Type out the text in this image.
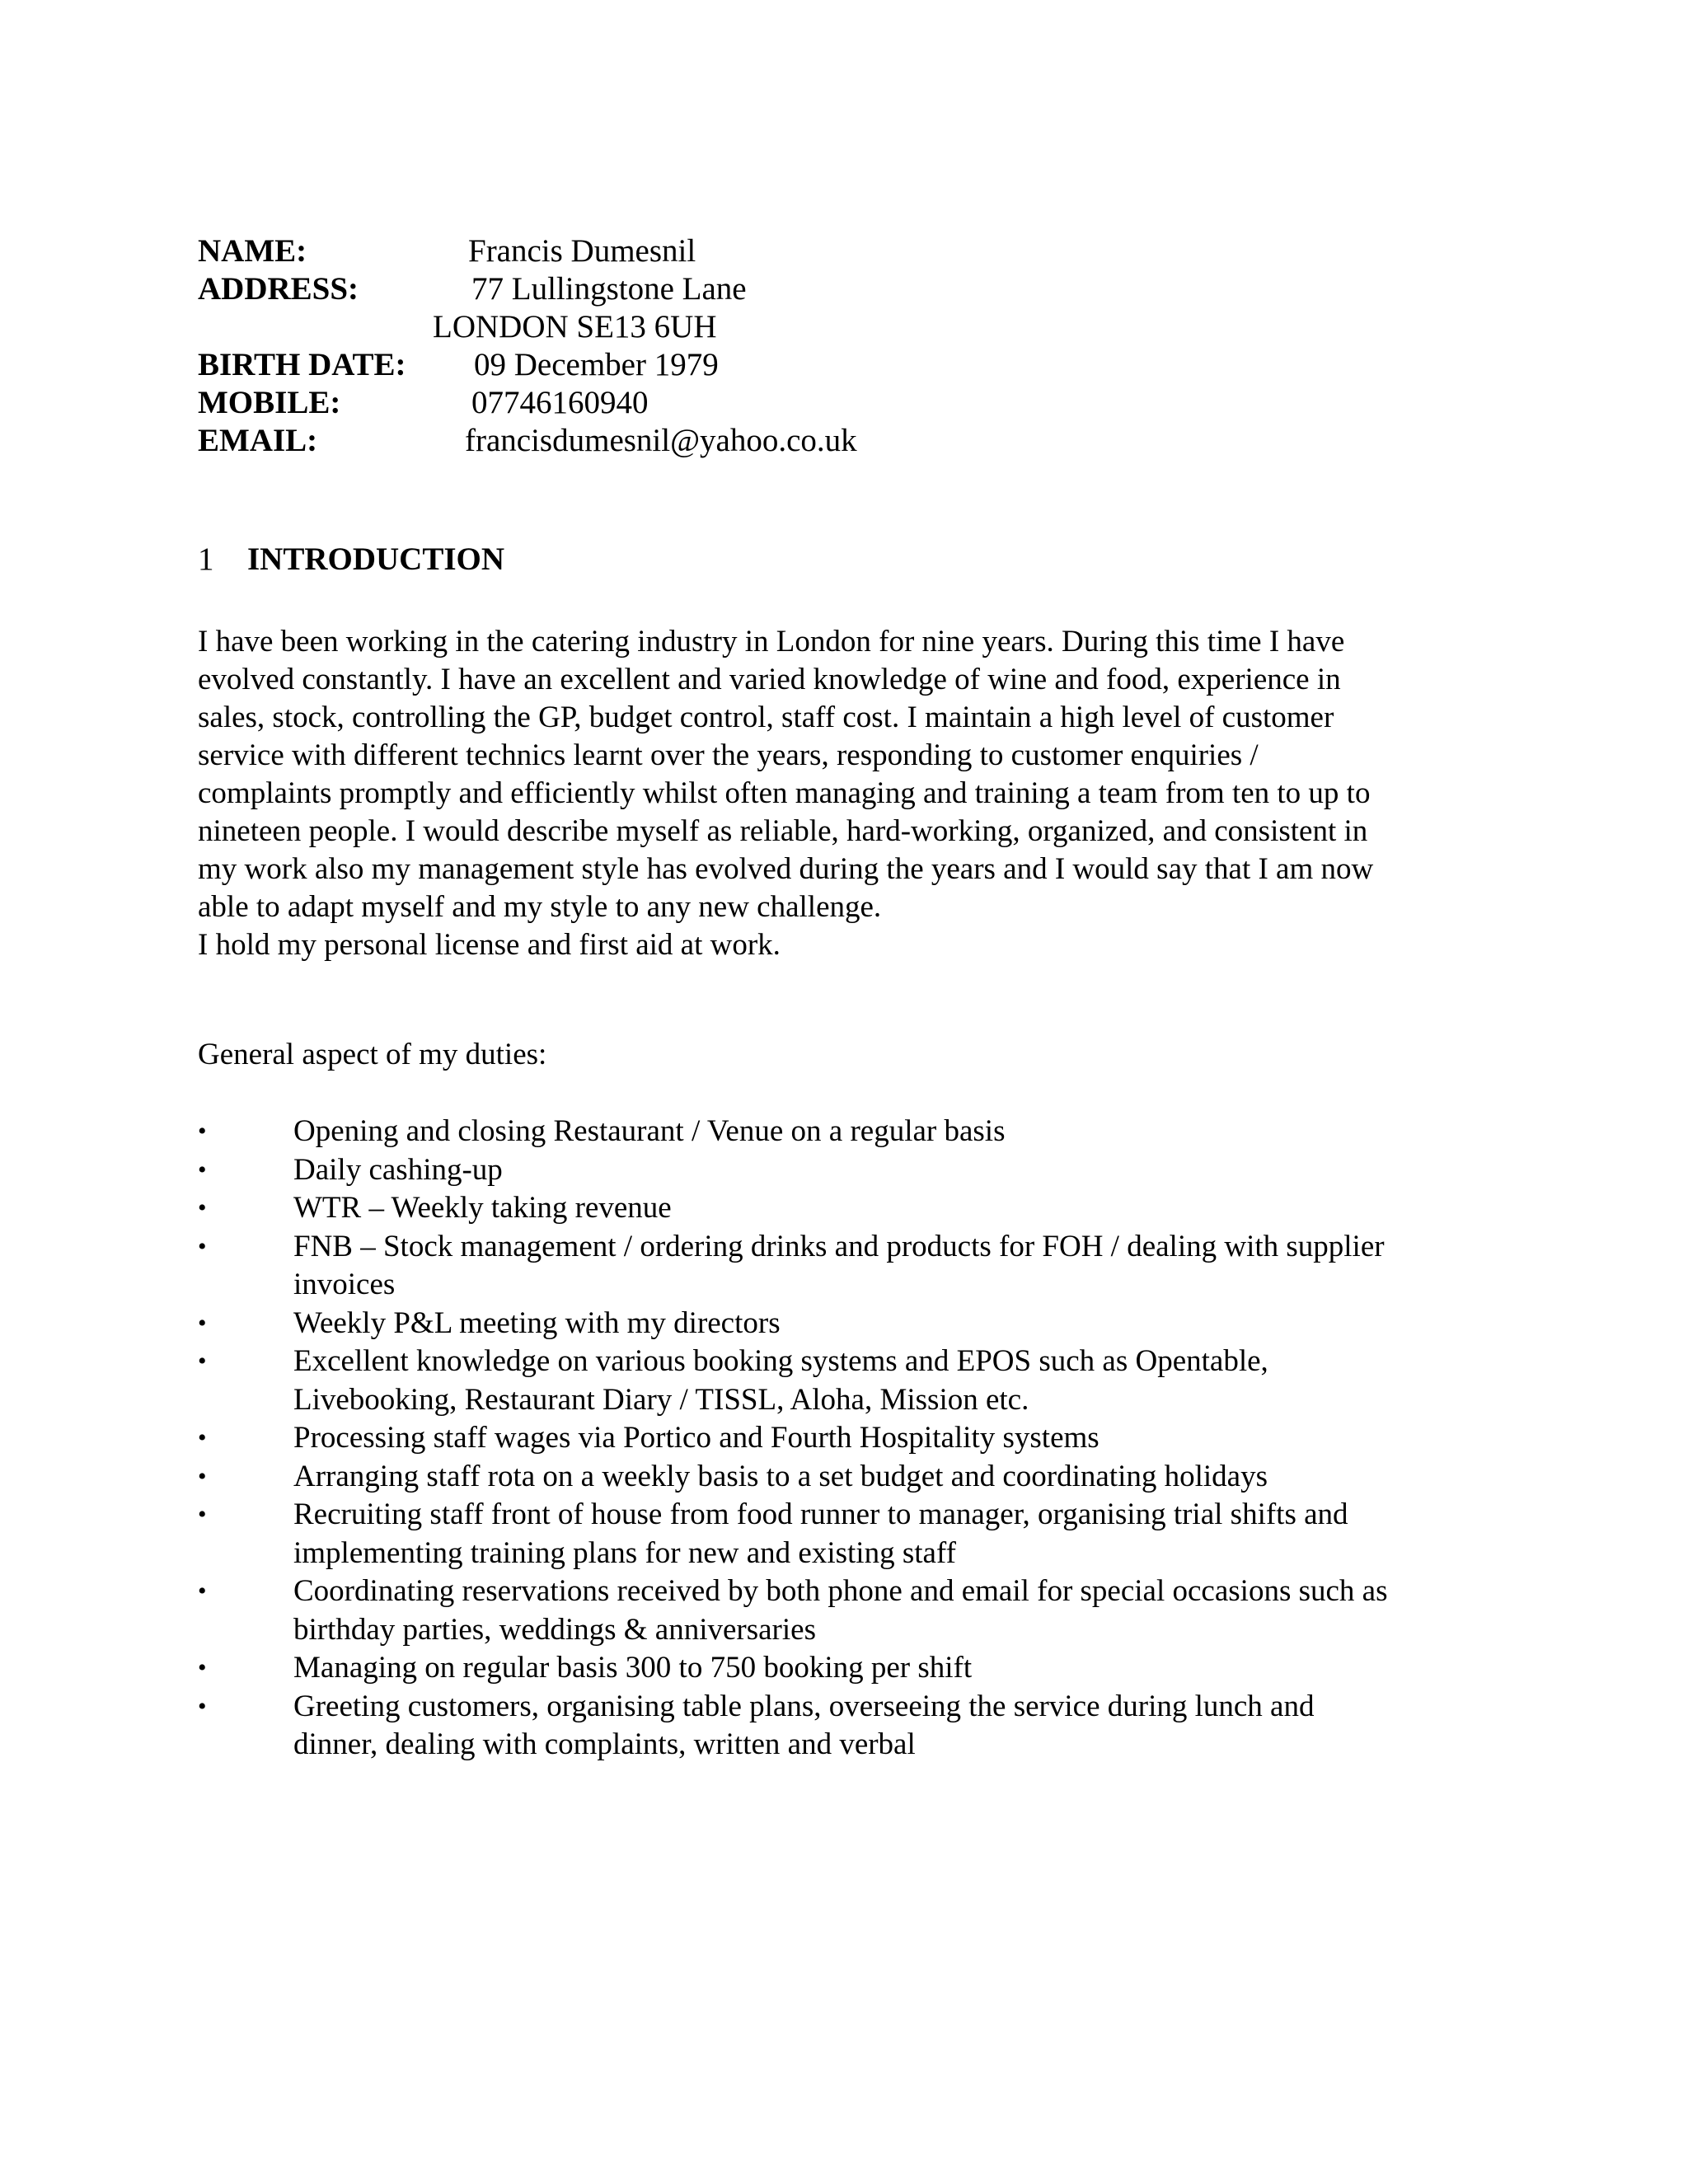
NAME:	Francis Dumesnil
ADDRESS:	77 Lullingstone Lane
LONDON SE13 6UH
BIRTH DATE: 09 December 1979
MOBILE:	07746160940
EMAIL:	francisdumesnil@yahoo.co.uk
1 INTRODUCTION
I have been working in the catering industry in London for nine years. During this time I have
evolved constantly. I have an excellent and varied knowledge of wine and food, experience in
sales, stock, controlling the GP, budget control, staff cost. I maintain a high level of customer
service with different technics learnt over the years, responding to customer enquiries /
complaints promptly and efficiently whilst often managing and training a team from ten to up to
nineteen people. I would describe myself as reliable, hard-working, organized, and consistent in
my work also my management style has evolved during the years and I would say that I am now
able to adapt myself and my style to any new challenge.
I hold my personal license and first aid at work.
General aspect of my duties:
•	Opening and closing Restaurant / Venue on a regular basis
•	Daily cashing-up
•	WTR – Weekly taking revenue
•	FNB – Stock management / ordering drinks and products for FOH / dealing with supplier
invoices
•	Weekly P&L meeting with my directors
•	Excellent knowledge on various booking systems and EPOS such as Opentable,
Livebooking, Restaurant Diary / TISSL, Aloha, Mission etc.
•	Processing staff wages via Portico and Fourth Hospitality systems
•	Arranging staff rota on a weekly basis to a set budget and coordinating holidays
•	Recruiting staff front of house from food runner to manager, organising trial shifts and
implementing training plans for new and existing staff
•	Coordinating reservations received by both phone and email for special occasions such as
birthday parties, weddings & anniversaries
•	Managing on regular basis 300 to 750 booking per shift
•	Greeting customers, organising table plans, overseeing the service during lunch and
dinner, dealing with complaints, written and verbal
